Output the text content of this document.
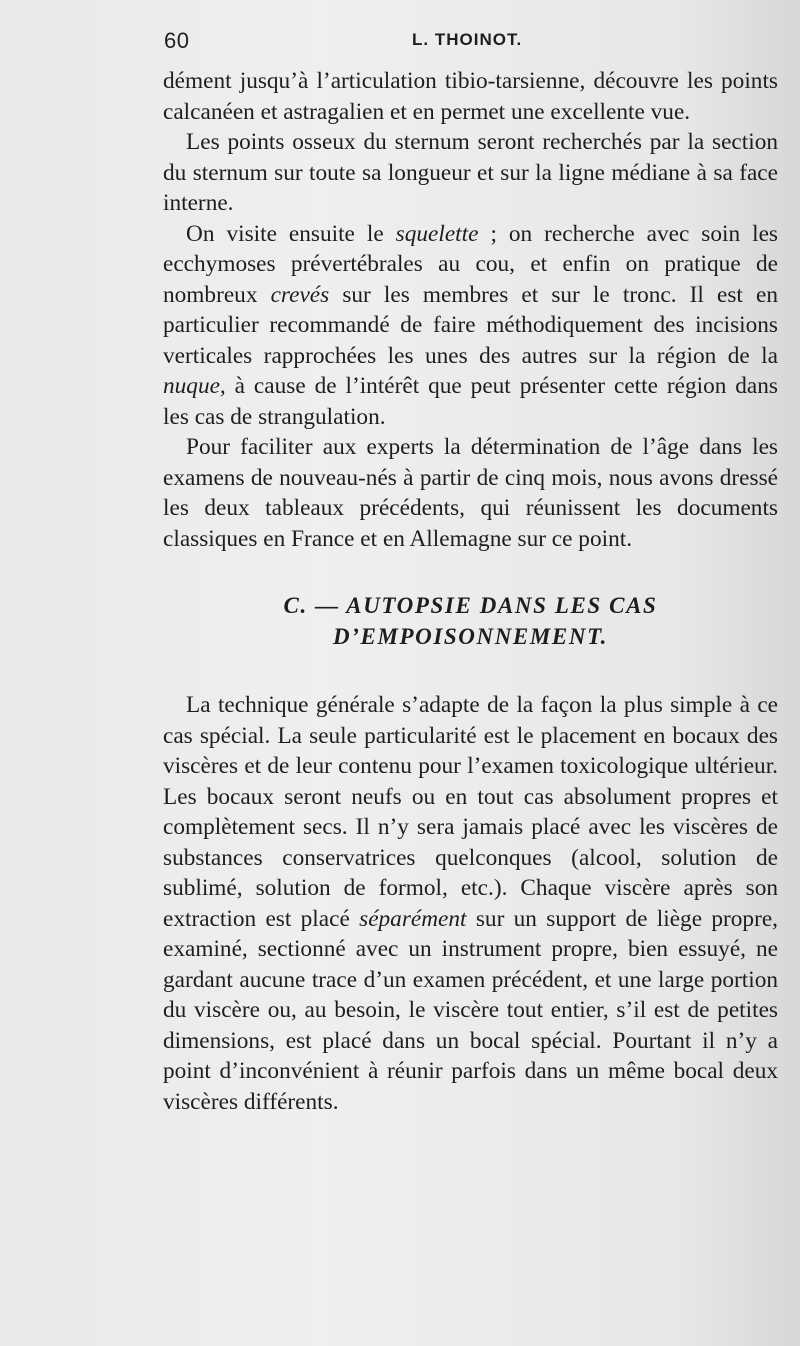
60	L. THOINOT.

dément jusqu’à l’articulation tibio-tarsienne, découvre les points calcanéen et astragalien et en permet une excellente vue.

Les points osseux du sternum seront recherchés par la section du sternum sur toute sa longueur et sur la ligne médiane à sa face interne.

On visite ensuite le squelette ; on recherche avec soin les ecchymoses prévertébrales au cou, et enfin on pratique de nombreux crevés sur les membres et sur le tronc. Il est en particulier recommandé de faire méthodiquement des incisions verticales rapprochées les unes des autres sur la région de la nuque, à cause de l’intérêt que peut présenter cette région dans les cas de strangulation.

Pour faciliter aux experts la détermination de l’âge dans les examens de nouveau-nés à partir de cinq mois, nous avons dressé les deux tableaux précédents, qui réunissent les documents classiques en France et en Allemagne sur ce point.

C. — AUTOPSIE DANS LES CAS
D’EMPOISONNEMENT.

La technique générale s’adapte de la façon la plus simple à ce cas spécial. La seule particularité est le placement en bocaux des viscères et de leur contenu pour l’examen toxicologique ultérieur. Les bocaux seront neufs ou en tout cas absolument propres et complètement secs. Il n’y sera jamais placé avec les viscères de substances conservatrices quelconques (alcool, solution de sublimé, solution de formol, etc.). Chaque viscère après son extraction est placé séparément sur un support de liège propre, examiné, sectionné avec un instrument propre, bien essuyé, ne gardant aucune trace d’un examen précédent, et une large portion du viscère ou, au besoin, le viscère tout entier, s’il est de petites dimensions, est placé dans un bocal spécial. Pourtant il n’y a point d’inconvénient à réunir parfois dans un même bocal deux viscères différents.
